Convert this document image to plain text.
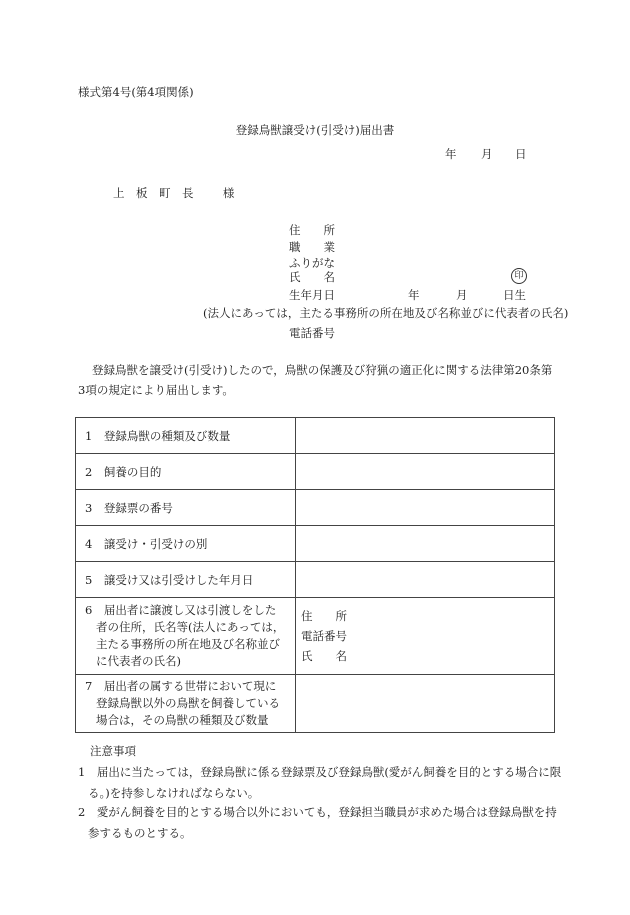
様式第4号(第4項関係)
登録鳥獣譲受け(引受け)届出書
年 月 日
上　板　町　長	様
住　　所
職　　業
ふりがな
氏　　名	印
生年月日	年	月	日生
(法人にあっては，主たる事務所の所在地及び名称並びに代表者の氏名)
電話番号
登録鳥獣を譲受け(引受け)したので，鳥獣の保護及び狩猟の適正化に関する法律第20条第3項の規定により届出します。
1　登録鳥獣の種類及び数量	
2　飼養の目的	
3　登録票の番号	
4　譲受け・引受けの別	
5　譲受け又は引受けした年月日	
6　届出者に譲渡し又は引渡しをした者の住所，氏名等(法人にあっては，主たる事務所の所在地及び名称並びに代表者の氏名)	住　　所
電話番号
氏　　名

7　届出者の属する世帯において現に登録鳥獣以外の鳥獣を飼養している場合は，その鳥獣の種類及び数量	
注意事項
1　届出に当たっては，登録鳥獣に係る登録票及び登録鳥獣(愛がん飼養を目的とする場合に限る。)を持参しなければならない。
2　愛がん飼養を目的とする場合以外においても，登録担当職員が求めた場合は登録鳥獣を持参するものとする。
